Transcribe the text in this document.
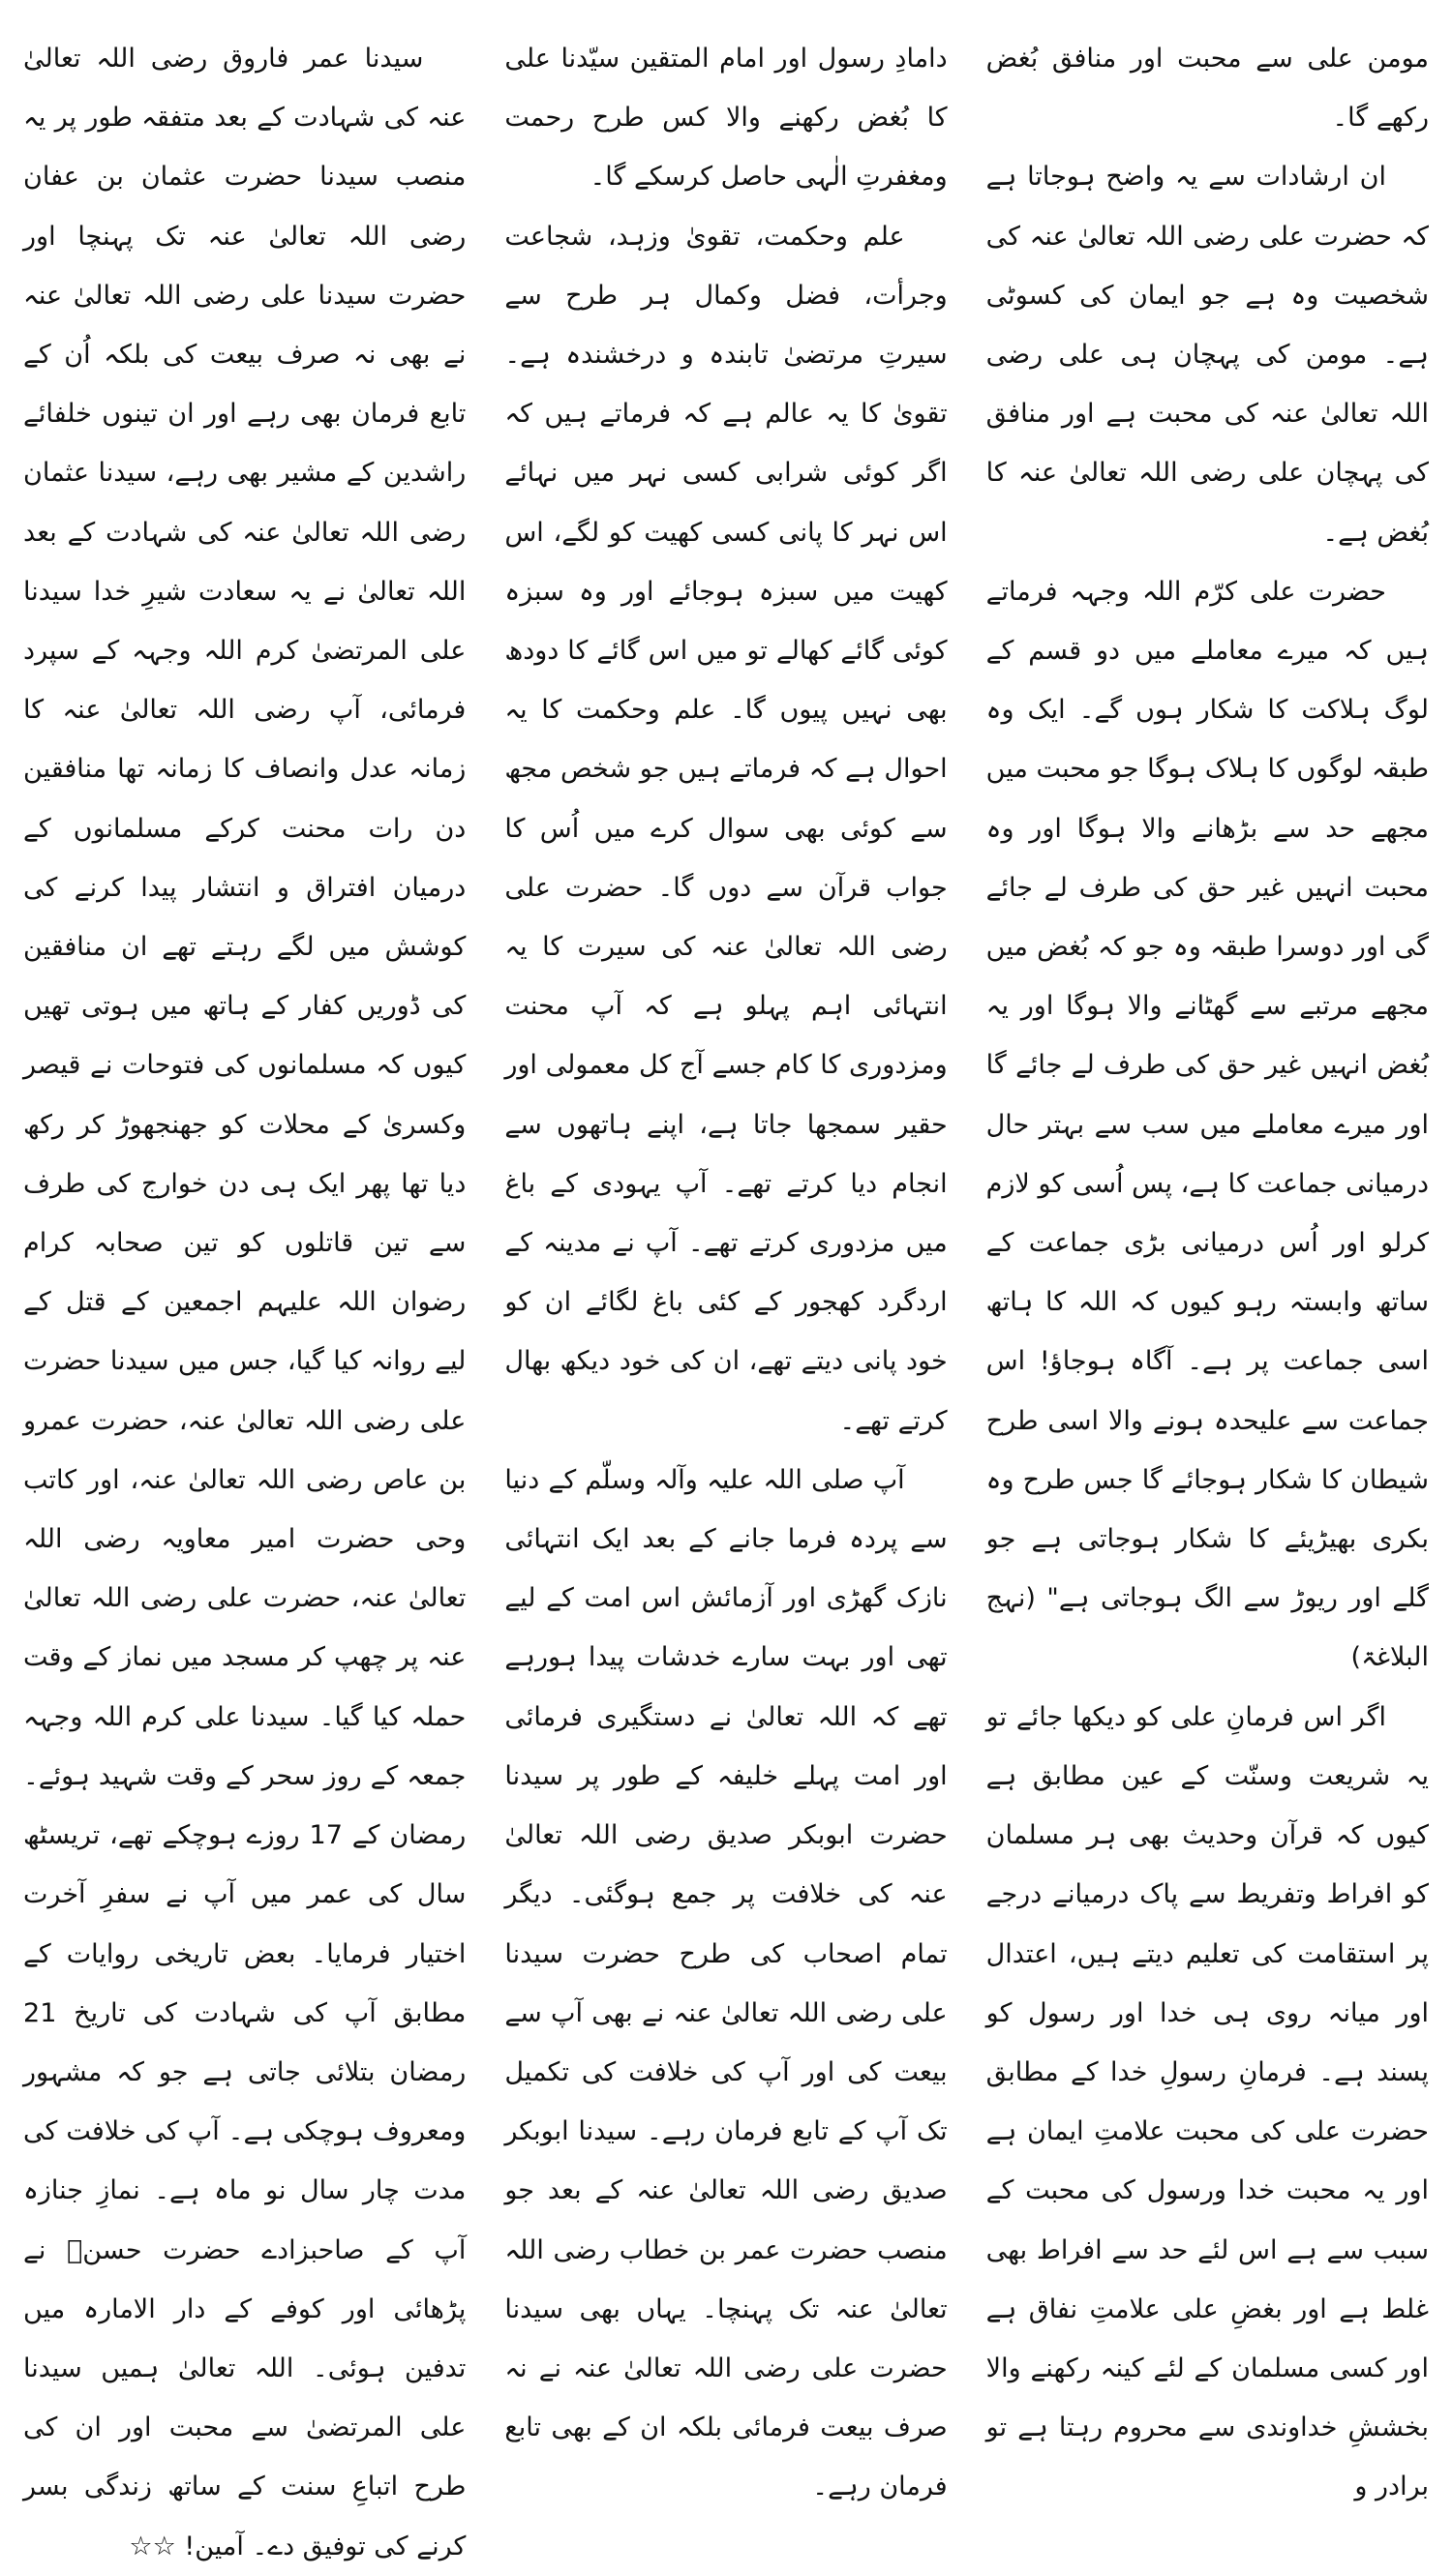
مومن علی سے محبت اور منافق بُغض رکھے گا۔

ان ارشادات سے یہ واضح ہوجاتا ہے کہ حضرت علی رضی اللہ تعالیٰ عنہ کی شخصیت وہ ہے جو ایمان کی کسوٹی ہے۔ مومن کی پہچان ہی علی رضی اللہ تعالیٰ عنہ کی محبت ہے اور منافق کی پہچان علی رضی اللہ تعالیٰ عنہ کا بُغض ہے۔

حضرت علی کرّم اللہ وجہہ فرماتے ہیں کہ میرے معاملے میں دو قسم کے لوگ ہلاکت کا شکار ہوں گے۔ ایک وہ طبقہ لوگوں کا ہلاک ہوگا جو محبت میں مجھے حد سے بڑھانے والا ہوگا اور وہ محبت انہیں غیر حق کی طرف لے جائے گی اور دوسرا طبقہ وہ جو کہ بُغض میں مجھے مرتبے سے گھٹانے والا ہوگا اور یہ بُغض انہیں غیر حق کی طرف لے جائے گا اور میرے معاملے میں سب سے بہتر حال درمیانی جماعت کا ہے، پس اُسی کو لازم کرلو اور اُس درمیانی بڑی جماعت کے ساتھ وابستہ رہو کیوں کہ اللہ کا ہاتھ اسی جماعت پر ہے۔ آگاہ ہوجاؤ! اس جماعت سے علیحدہ ہونے والا اسی طرح شیطان کا شکار ہوجائے گا جس طرح وہ بکری بھیڑیئے کا شکار ہوجاتی ہے جو گلے اور ریوڑ سے الگ ہوجاتی ہے" (نہج البلاغۃ)

اگر اس فرمانِ علی کو دیکھا جائے تو یہ شریعت وسنّت کے عین مطابق ہے کیوں کہ قرآن وحدیث بھی ہر مسلمان کو افراط وتفریط سے پاک درمیانے درجے پر استقامت کی تعلیم دیتے ہیں، اعتدال اور میانہ روی ہی خدا اور رسول کو پسند ہے۔ فرمانِ رسولِ خدا کے مطابق حضرت علی کی محبت علامتِ ایمان ہے اور یہ محبت خدا ورسول کی محبت کے سبب سے ہے اس لئے حد سے افراط بھی غلط ہے اور بغضِ علی علامتِ نفاق ہے اور کسی مسلمان کے لئے کینہ رکھنے والا بخششِ خداوندی سے محروم رہتا ہے تو برادر و

دامادِ رسول اور امام المتقین سیّدنا علی کا بُغض رکھنے والا کس طرح رحمت ومغفرتِ الٰہی حاصل کرسکے گا۔

علم وحکمت، تقویٰ وزہد، شجاعت وجرأت، فضل وکمال ہر طرح سے سیرتِ مرتضیٰ تابندہ و درخشندہ ہے۔ تقویٰ کا یہ عالم ہے کہ فرماتے ہیں کہ اگر کوئی شرابی کسی نہر میں نہائے اس نہر کا پانی کسی کھیت کو لگے، اس کھیت میں سبزہ ہوجائے اور وہ سبزہ کوئی گائے کھالے تو میں اس گائے کا دودھ بھی نہیں پیوں گا۔ علم وحکمت کا یہ احوال ہے کہ فرماتے ہیں جو شخص مجھ سے کوئی بھی سوال کرے میں اُس کا جواب قرآن سے دوں گا۔ حضرت علی رضی اللہ تعالیٰ عنہ کی سیرت کا یہ انتہائی اہم پہلو ہے کہ آپ محنت ومزدوری کا کام جسے آج کل معمولی اور حقیر سمجھا جاتا ہے، اپنے ہاتھوں سے انجام دیا کرتے تھے۔ آپ یہودی کے باغ میں مزدوری کرتے تھے۔ آپ نے مدینہ کے اردگرد کھجور کے کئی باغ لگائے ان کو خود پانی دیتے تھے، ان کی خود دیکھ بھال کرتے تھے۔

آپ صلی اللہ علیہ وآلہ وسلّم کے دنیا سے پردہ فرما جانے کے بعد ایک انتہائی نازک گھڑی اور آزمائش اس امت کے لیے تھی اور بہت سارے خدشات پیدا ہورہے تھے کہ اللہ تعالیٰ نے دستگیری فرمائی اور امت پہلے خلیفہ کے طور پر سیدنا حضرت ابوبکر صدیق رضی اللہ تعالیٰ عنہ کی خلافت پر جمع ہوگئی۔ دیگر تمام اصحاب کی طرح حضرت سیدنا علی رضی اللہ تعالیٰ عنہ نے بھی آپ سے بیعت کی اور آپ کی خلافت کی تکمیل تک آپ کے تابع فرمان رہے۔ سیدنا ابوبکر صدیق رضی اللہ تعالیٰ عنہ کے بعد جو منصب حضرت عمر بن خطاب رضی اللہ تعالیٰ عنہ تک پہنچا۔ یہاں بھی سیدنا حضرت علی رضی اللہ تعالیٰ عنہ نے نہ صرف بیعت فرمائی بلکہ ان کے بھی تابع فرمان رہے۔

سیدنا عمر فاروق رضی اللہ تعالیٰ عنہ کی شہادت کے بعد متفقہ طور پر یہ منصب سیدنا حضرت عثمان بن عفان رضی اللہ تعالیٰ عنہ تک پہنچا اور حضرت سیدنا علی رضی اللہ تعالیٰ عنہ نے بھی نہ صرف بیعت کی بلکہ اُن کے تابع فرمان بھی رہے اور ان تینوں خلفائے راشدین کے مشیر بھی رہے، سیدنا عثمان رضی اللہ تعالیٰ عنہ کی شہادت کے بعد اللہ تعالیٰ نے یہ سعادت شیرِ خدا سیدنا علی المرتضیٰ کرم اللہ وجہہ کے سپرد فرمائی، آپ رضی اللہ تعالیٰ عنہ کا زمانہ عدل وانصاف کا زمانہ تھا منافقین دن رات محنت کرکے مسلمانوں کے درمیان افتراق و انتشار پیدا کرنے کی کوشش میں لگے رہتے تھے ان منافقین کی ڈوریں کفار کے ہاتھ میں ہوتی تھیں کیوں کہ مسلمانوں کی فتوحات نے قیصر وکسریٰ کے محلات کو جھنجھوڑ کر رکھ دیا تھا پھر ایک ہی دن خوارج کی طرف سے تین قاتلوں کو تین صحابہ کرام رضوان اللہ علیہم اجمعین کے قتل کے لیے روانہ کیا گیا، جس میں سیدنا حضرت علی رضی اللہ تعالیٰ عنہ، حضرت عمرو بن عاص رضی اللہ تعالیٰ عنہ، اور کاتب وحی حضرت امیر معاویہ رضی اللہ تعالیٰ عنہ، حضرت علی رضی اللہ تعالیٰ عنہ پر چھپ کر مسجد میں نماز کے وقت حملہ کیا گیا۔ سیدنا علی کرم اللہ وجہہ جمعہ کے روز سحر کے وقت شہید ہوئے۔ رمضان کے 17 روزے ہوچکے تھے، تریسٹھ سال کی عمر میں آپ نے سفرِ آخرت اختیار فرمایا۔ بعض تاریخی روایات کے مطابق آپ کی شہادت کی تاریخ 21 رمضان بتلائی جاتی ہے جو کہ مشہور ومعروف ہوچکی ہے۔ آپ کی خلافت کی مدت چار سال نو ماہ ہے۔ نمازِ جنازہ آپ کے صاحبزادے حضرت حسنؓ نے پڑھائی اور کوفے کے دار الامارہ میں تدفین ہوئی۔ اللہ تعالیٰ ہمیں سیدنا علی المرتضیٰ سے محبت اور ان کی طرح اتباعِ سنت کے ساتھ زندگی بسر کرنے کی توفیق دے۔ آمین! ☆☆
